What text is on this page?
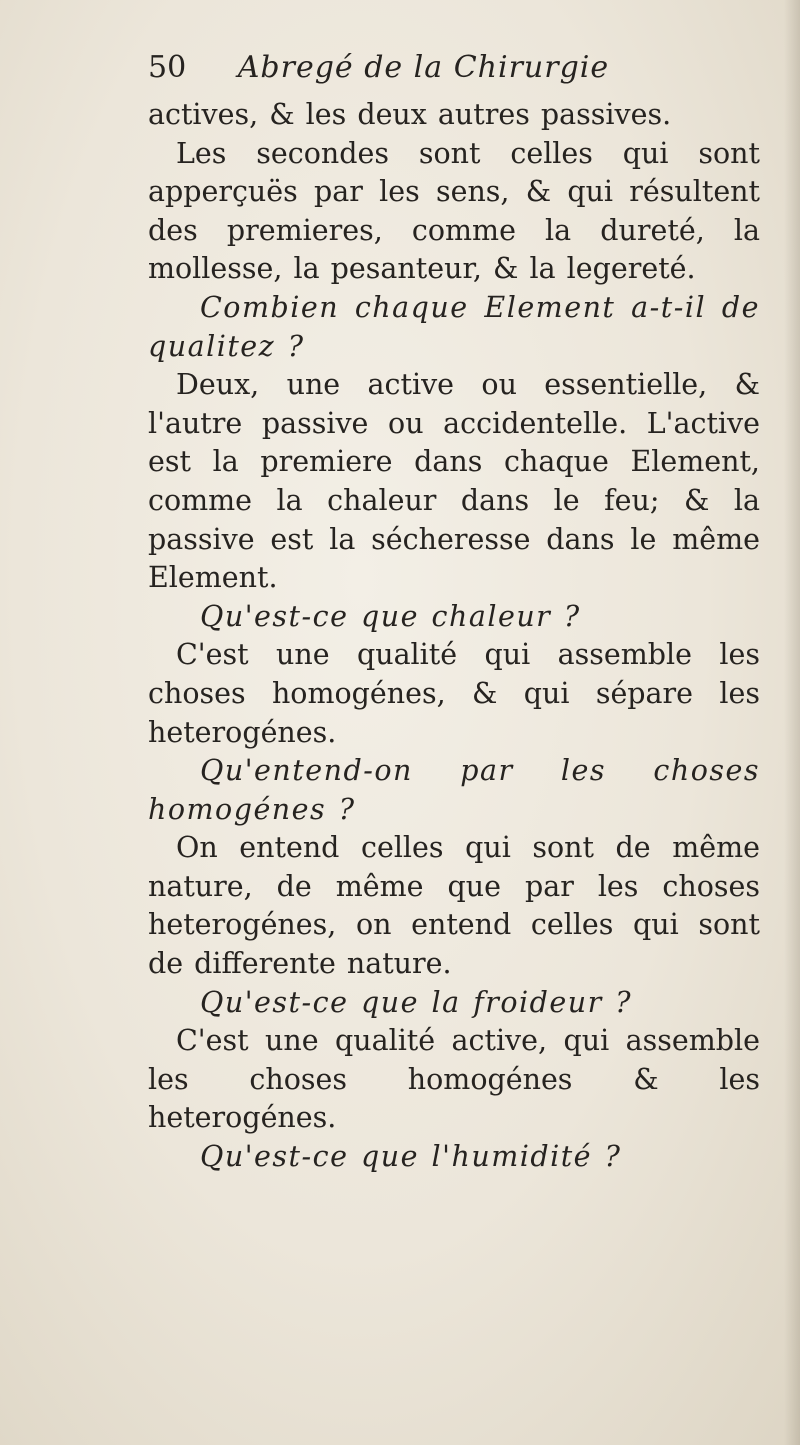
50 Abregé de la Chirurgie

actives, & les deux autres passives.

Les secondes sont celles qui sont apperçuës par les sens, & qui résultent des premieres, comme la dureté, la mollesse, la pesanteur, & la legereté.

Combien chaque Element a-t-il de qualitez ?

Deux, une active ou essentielle, & l'autre passive ou accidentelle. L'active est la premiere dans chaque Element, comme la chaleur dans le feu; & la passive est la sécheresse dans le même Element.

Qu'est-ce que chaleur ?

C'est une qualité qui assemble les choses homogénes, & qui sépare les heterogénes.

Qu'entend-on par les choses homogénes ?

On entend celles qui sont de même nature, de même que par les choses heterogénes, on entend celles qui sont de differente nature.

Qu'est-ce que la froideur ?

C'est une qualité active, qui assemble les choses homogénes & les heterogénes.

Qu'est-ce que l'humidité ?
